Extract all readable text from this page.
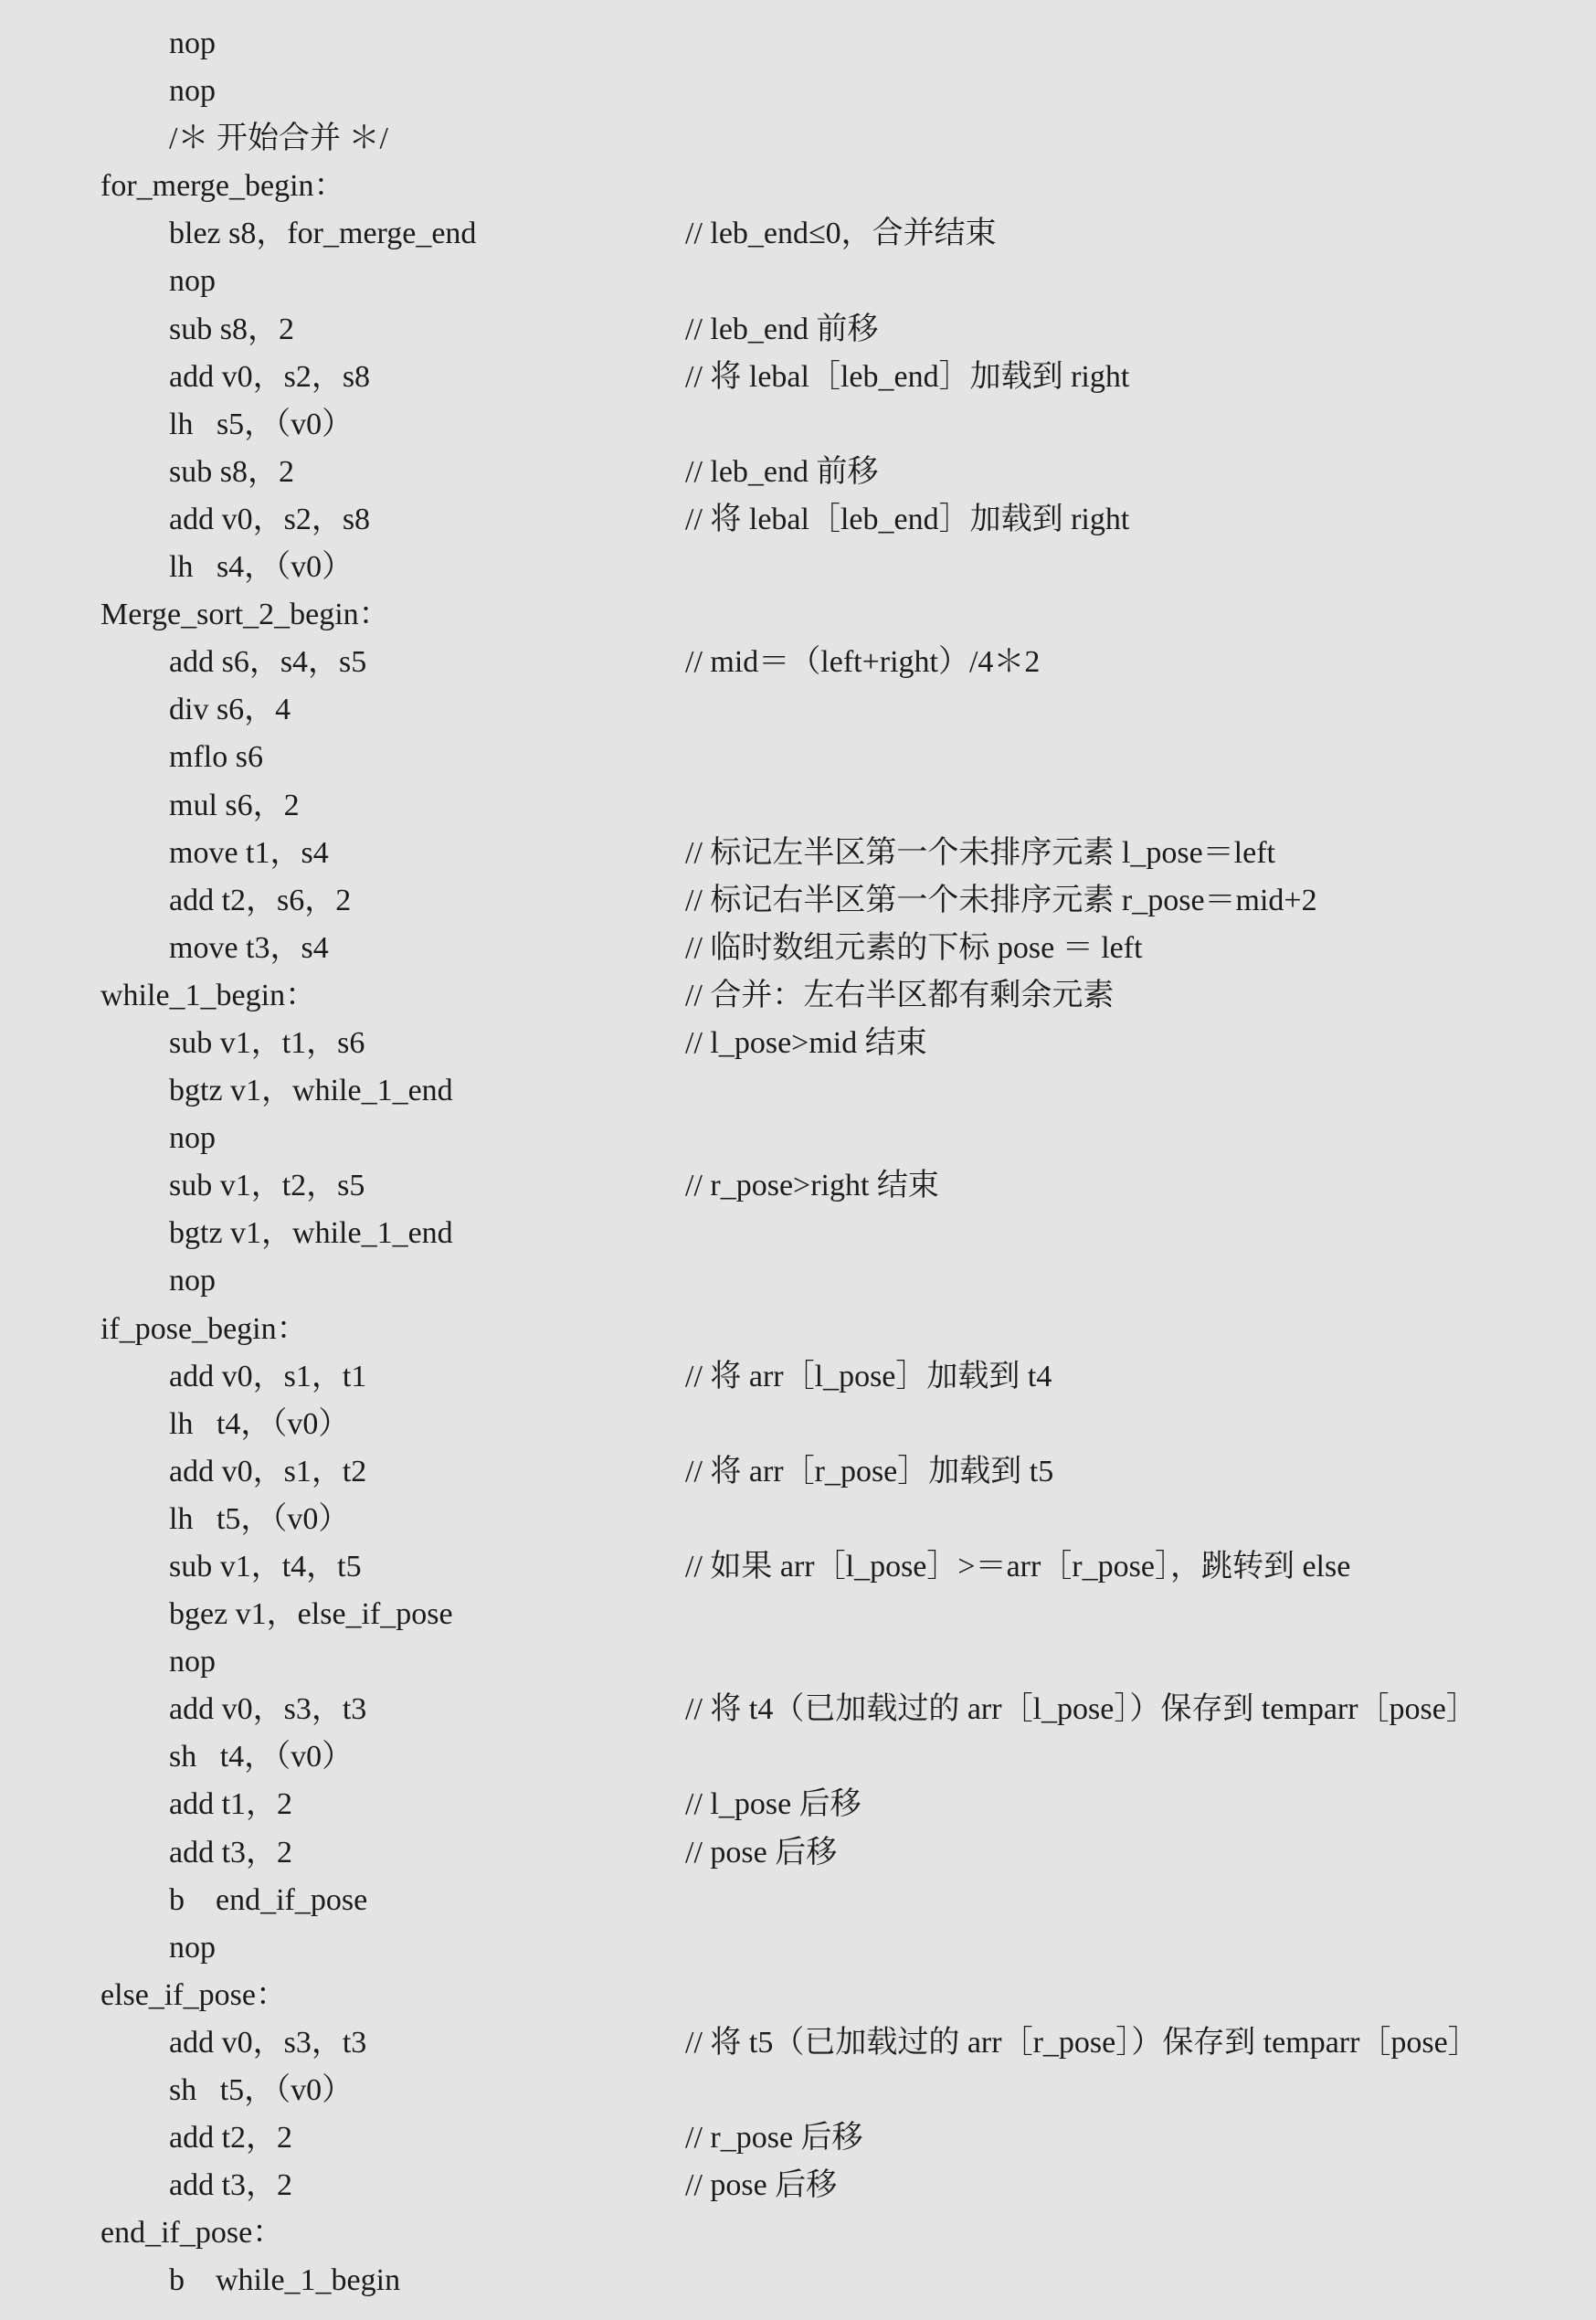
nop
nop
/＊ 开始合并 ＊/
for_merge_begin：
blez s8，for_merge_end	// leb_end≤0，合并结束
nop
sub s8，2	// leb_end 前移
add v0，s2，s8	// 将 lebal［leb_end］加载到 right
lh   s5，（v0）
sub s8，2	// leb_end 前移
add v0，s2，s8	// 将 lebal［leb_end］加载到 right
lh   s4，（v0）
Merge_sort_2_begin：
add s6，s4，s5	// mid＝（left+right）/4＊2
div s6，4
mflo s6
mul s6，2
move t1，s4	// 标记左半区第一个未排序元素 l_pose＝left
add t2，s6，2	// 标记右半区第一个未排序元素 r_pose＝mid+2
move t3，s4	// 临时数组元素的下标 pose ＝ left
while_1_begin：	// 合并：左右半区都有剩余元素
sub v1，t1，s6	// l_pose>mid 结束
bgtz v1，while_1_end
nop
sub v1，t2，s5	// r_pose>right 结束
bgtz v1，while_1_end
nop
if_pose_begin：
add v0，s1，t1	// 将 arr［l_pose］加载到 t4
lh   t4，（v0）
add v0，s1，t2	// 将 arr［r_pose］加载到 t5
lh   t5，（v0）
sub v1，t4，t5	// 如果 arr［l_pose］>＝arr［r_pose］，跳转到 else
bgez v1，else_if_pose
nop
add v0，s3，t3	// 将 t4（已加载过的 arr［l_pose］）保存到 temparr［pose］
sh   t4，（v0）
add t1，2	// l_pose 后移
add t3，2	// pose 后移
b    end_if_pose
nop
else_if_pose：
add v0，s3，t3	// 将 t5（已加载过的 arr［r_pose］）保存到 temparr［pose］
sh   t5，（v0）
add t2，2	// r_pose 后移
add t3，2	// pose 后移
end_if_pose：
b    while_1_begin
